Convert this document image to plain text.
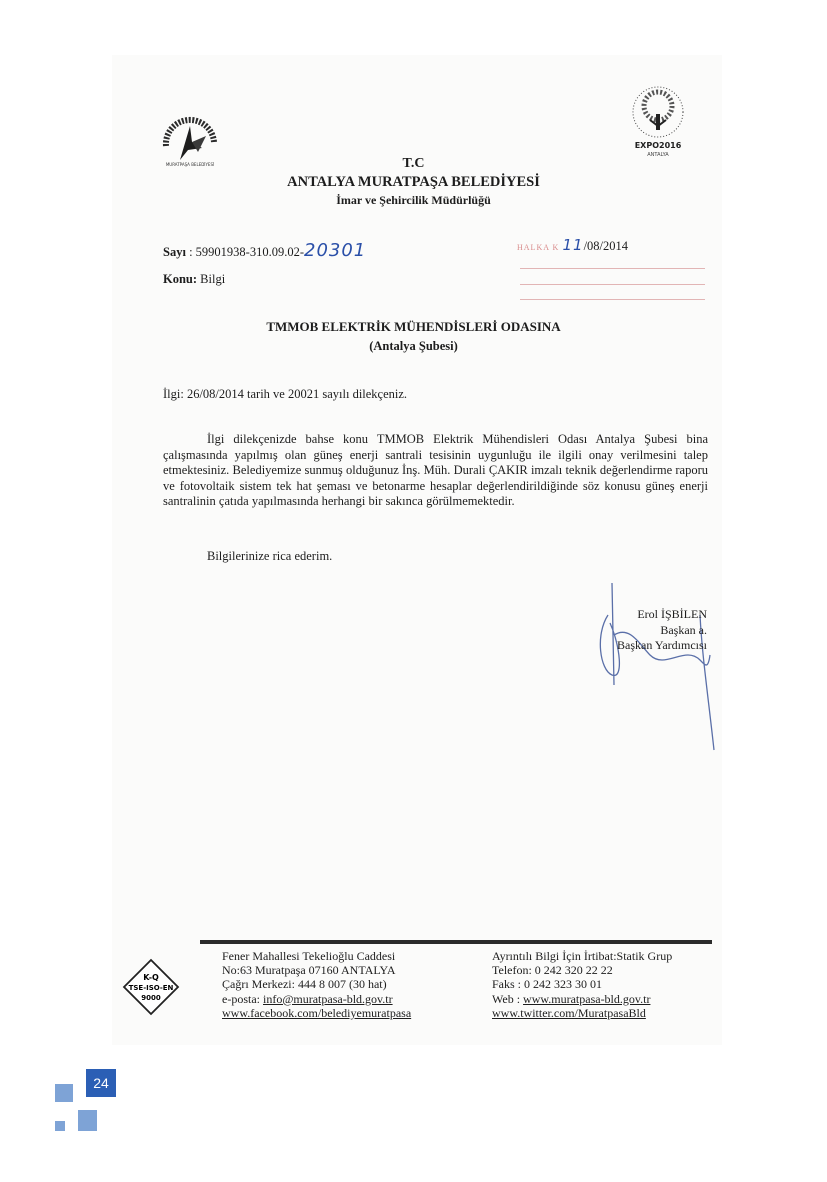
MURATPAŞA BELEDİYESİ
EXPO2016
ANTALYA
T.C
ANTALYA MURATPAŞA BELEDİYESİ
İmar ve Şehircilik Müdürlüğü
Sayı : 59901938-310.09.02-20301	HALKA K 11/08/2014
Konu: Bilgi
TMMOB ELEKTRİK MÜHENDİSLERİ ODASINA
(Antalya Şubesi)
İlgi: 26/08/2014 tarih ve 20021 sayılı dilekçeniz.

İlgi dilekçenizde bahse konu TMMOB Elektrik Mühendisleri Odası Antalya Şubesi bina çalışmasında yapılmış olan güneş enerji santrali tesisinin uygunluğu ile ilgili onay verilmesini talep etmektesiniz. Belediyemize sunmuş olduğunuz İnş. Müh. Durali ÇAKIR imzalı teknik değerlendirme raporu ve fotovoltaik sistem tek hat şeması ve betonarme hesaplar değerlendirildiğinde söz konusu güneş enerji santralinin çatıda yapılmasında herhangi bir sakınca görülmemektedir.

Bilgilerinize rica ederim.
Erol İŞBİLEN
Başkan a.
Başkan Yardımcısı
K-Q
TSE-ISO-EN
9000
Fener Mahallesi Tekelioğlu Caddesi
No:63 Muratpaşa 07160 ANTALYA
Çağrı Merkezi: 444 8 007 (30 hat)
e-posta: info@muratpasa-bld.gov.tr
www.facebook.com/belediyemuratpasa
Ayrıntılı Bilgi İçin İrtibat:Statik Grup
Telefon: 0 242 320 22 22
Faks : 0 242 323 30 01
Web : www.muratpasa-bld.gov.tr
www.twitter.com/MuratpasaBld
24
